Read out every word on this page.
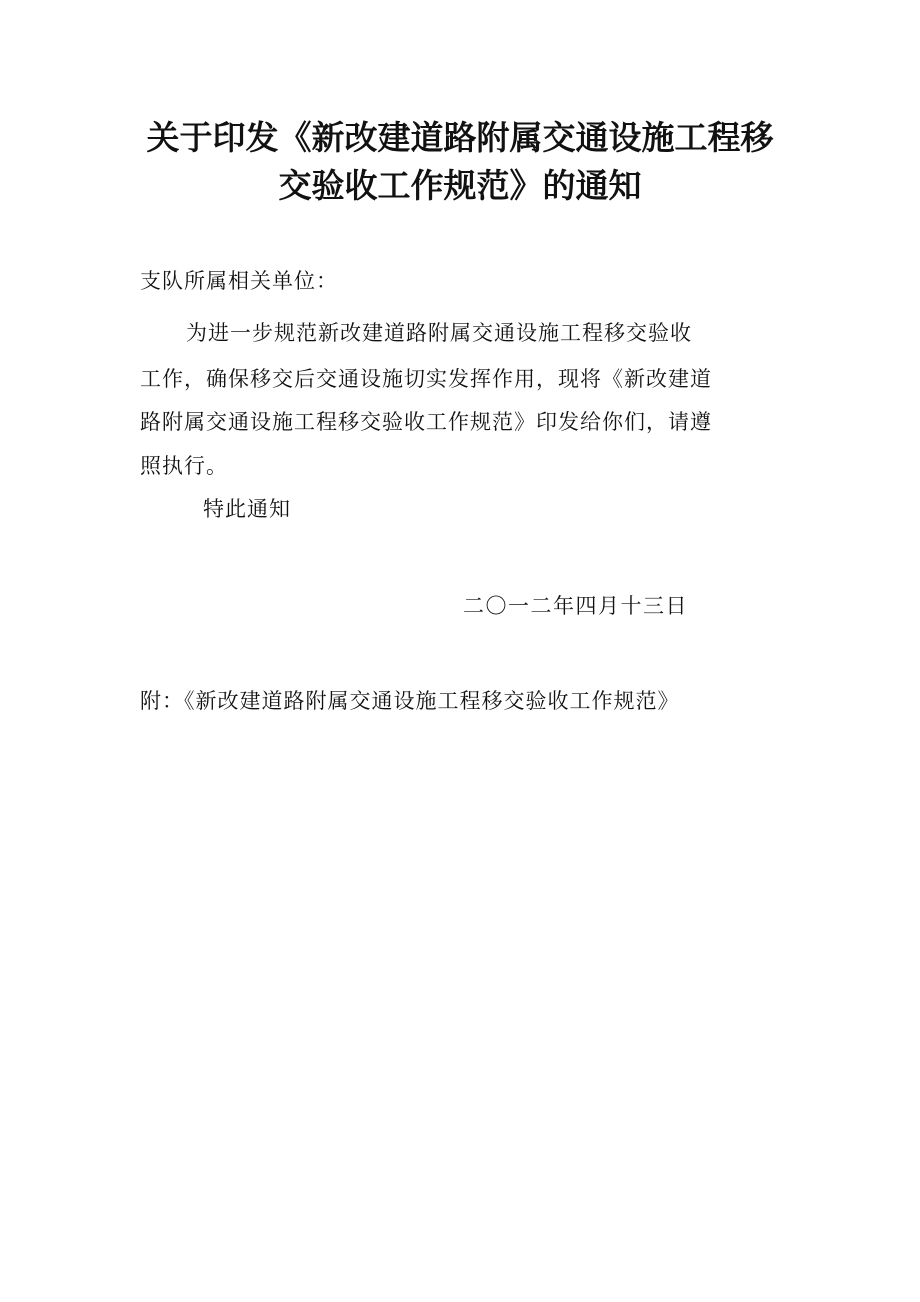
关于印发《新改建道路附属交通设施工程移
交验收工作规范》的通知
支队所属相关单位：
为进一步规范新改建道路附属交通设施工程移交验收
工作，确保移交后交通设施切实发挥作用，现将《新改建道
路附属交通设施工程移交验收工作规范》印发给你们，请遵
照执行。
特此通知
二〇一二年四月十三日
附：《新改建道路附属交通设施工程移交验收工作规范》
